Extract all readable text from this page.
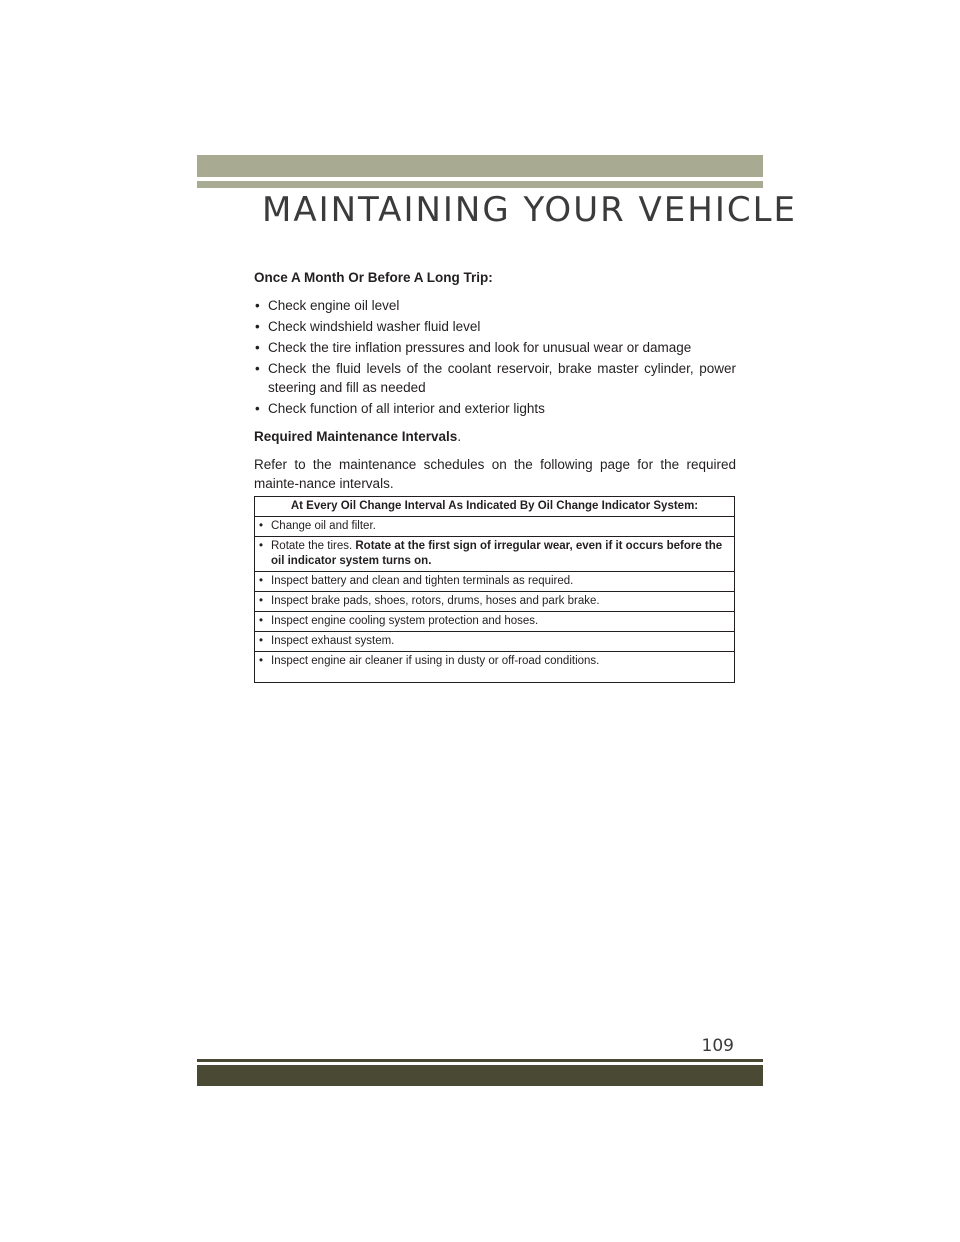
MAINTAINING YOUR VEHICLE

Once A Month Or Before A Long Trip:

• Check engine oil level
• Check windshield washer fluid level
• Check the tire inflation pressures and look for unusual wear or damage
• Check the fluid levels of the coolant reservoir, brake master cylinder, power steering and fill as needed
• Check function of all interior and exterior lights

Required Maintenance Intervals.

Refer to the maintenance schedules on the following page for the required mainte-nance intervals.

At Every Oil Change Interval As Indicated By Oil Change Indicator System:

• Change oil and filter.

• Rotate the tires. Rotate at the first sign of irregular wear, even if it occurs before the oil indicator system turns on.

• Inspect battery and clean and tighten terminals as required.

• Inspect brake pads, shoes, rotors, drums, hoses and park brake.

• Inspect engine cooling system protection and hoses.

• Inspect exhaust system.

• Inspect engine air cleaner if using in dusty or off-road conditions.
109
